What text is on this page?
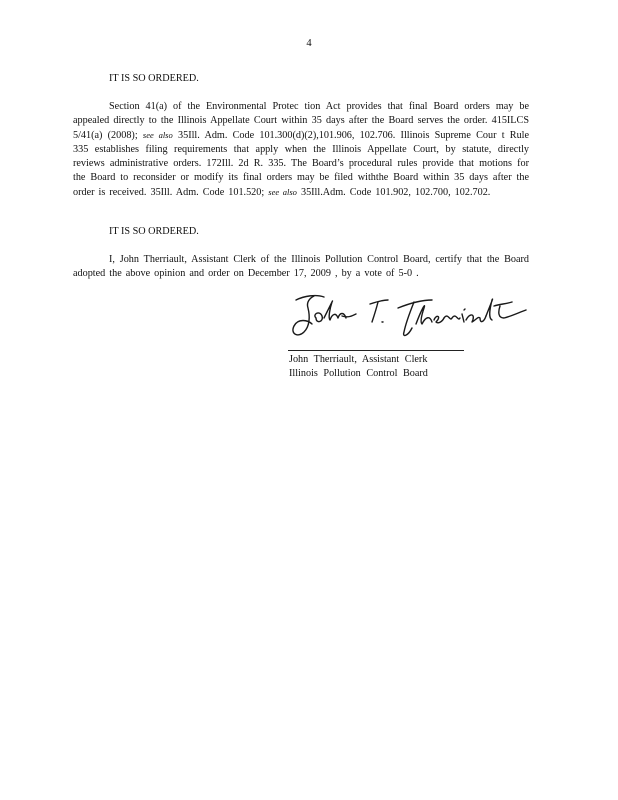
4
IT IS SO ORDERED.
Section 41(a) of the Environmental Protec tion Act provides that final Board orders may be appealed directly to the Illinois Appellate Court within 35 days after the Board serves the order. 415ILCS 5/41(a) (2008); see also 35Ill. Adm. Code 101.300(d)(2),101.906, 102.706. Illinois Supreme Cour t Rule 335 establishes filing requirements that apply when the Illinois Appellate Court, by statute, directly reviews administrative orders. 172Ill. 2d R. 335. The Board’s procedural rules provide that motions for the Board to reconsider or modify its final orders may be filed withthe Board within 35 days after the order is received. 35Ill. Adm. Code 101.520; see also 35Ill.Adm. Code 101.902, 102.700, 102.702.
IT IS SO ORDERED.
I, John Therriault, Assistant Clerk of the Illinois Pollution Control Board, certify that the Board adopted the above opinion and order on December 17, 2009 , by a vote of 5-0 .
John Therriault, Assistant Clerk
Illinois Pollution Control Board
